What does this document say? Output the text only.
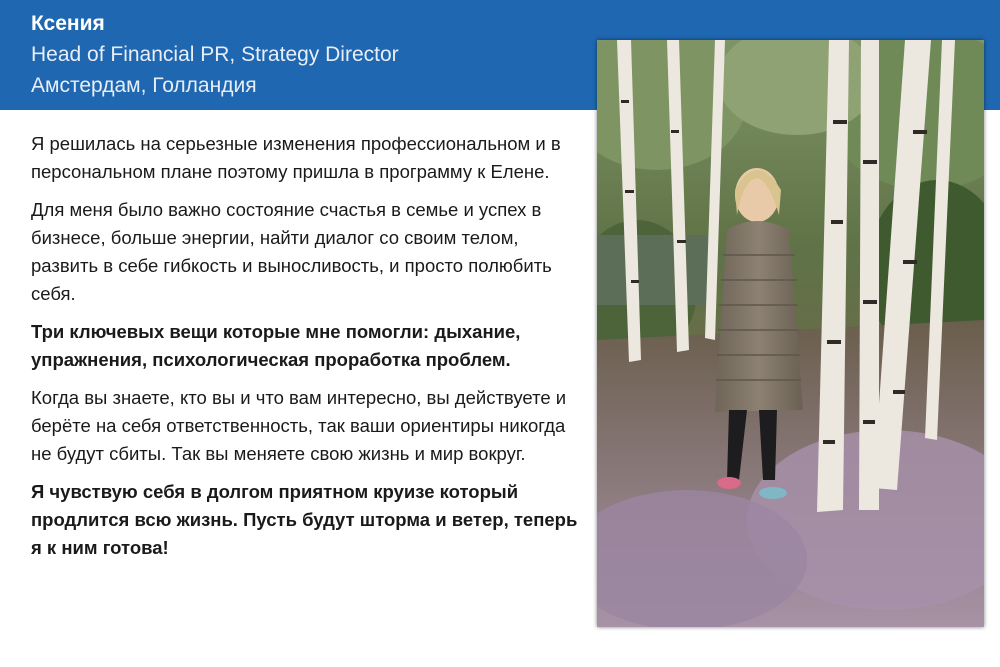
Ксения
Head of Financial PR, Strategy Director
Амстердам, Голландия

Я решилась на серьезные изменения профессиональном и в персональном плане поэтому пришла в программу к Елене.

Для меня было важно состояние счастья в семье и успех в бизнесе, больше энергии, найти диалог со своим телом, развить в себе гибкость и выносливость, и просто полюбить себя.

Три ключевых вещи которые мне помогли: дыхание, упражнения, психологическая проработка проблем.

Когда вы знаете, кто вы и что вам интересно, вы действуете и берёте на себя ответственность, так ваши ориентиры никогда не будут сбиты. Так вы меняете свою жизнь и мир вокруг.

Я чувствую себя в долгом приятном круизе который продлится всю жизнь. Пусть будут шторма и ветер, теперь я к ним готова!
